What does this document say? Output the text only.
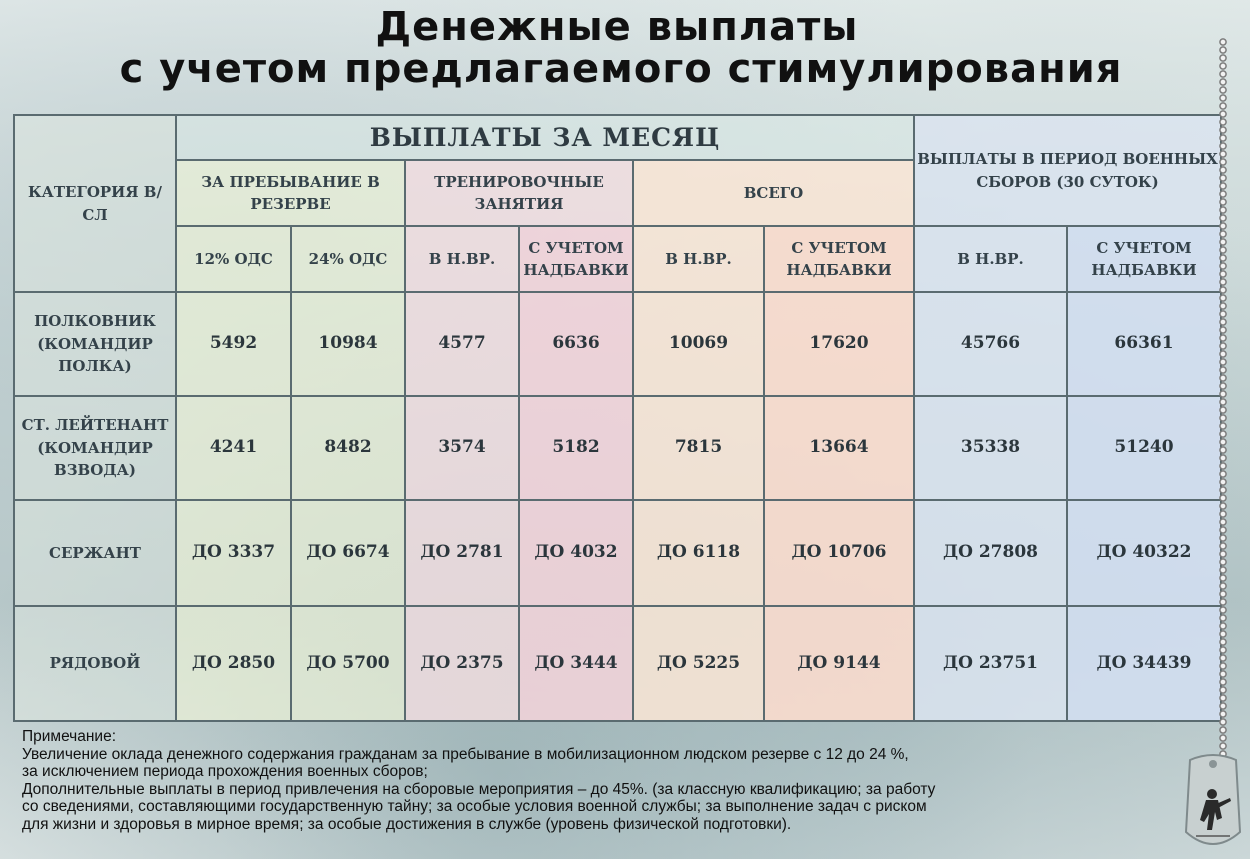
Денежные выплаты
с учетом предлагаемого стимулирования
КАТЕГОРИЯ В/СЛ	ВЫПЛАТЫ ЗА МЕСЯЦ						ВЫПЛАТЫ В ПЕРИОД ВОЕННЫХ СБОРОВ (30 СУТОК)	
	ЗА ПРЕБЫВАНИЕ В РЕЗЕРВЕ		ТРЕНИРОВОЧНЫЕ ЗАНЯТИЯ		ВСЕГО			
	12% ОДС	24% ОДС	В Н.ВР.	С УЧЕТОМ НАДБАВКИ	В Н.ВР.	С УЧЕТОМ НАДБАВКИ	В Н.ВР.	С УЧЕТОМ НАДБАВКИ
ПОЛКОВНИК (КОМАНДИР ПОЛКА)	5492	10984	4577	6636	10069	17620	45766	66361
СТ. ЛЕЙТЕНАНТ (КОМАНДИР ВЗВОДА)	4241	8482	3574	5182	7815	13664	35338	51240
СЕРЖАНТ	ДО 3337	ДО 6674	ДО 2781	ДО 4032	ДО 6118	ДО 10706	ДО 27808	ДО 40322
РЯДОВОЙ	ДО 2850	ДО 5700	ДО 2375	ДО 3444	ДО 5225	ДО 9144	ДО 23751	ДО 34439
Примечание:
Увеличение оклада денежного содержания гражданам за пребывание в мобилизационном людском резерве с 12 до 24 %,
за исключением периода прохождения военных сборов;
Дополнительные выплаты в период привлечения на сборовые мероприятия – до 45%. (за классную квалификацию; за работу
со сведениями, составляющими государственную тайну; за особые условия военной службы; за выполнение задач с риском
для жизни и здоровья в мирное время; за особые достижения в службе (уровень физической подготовки).
